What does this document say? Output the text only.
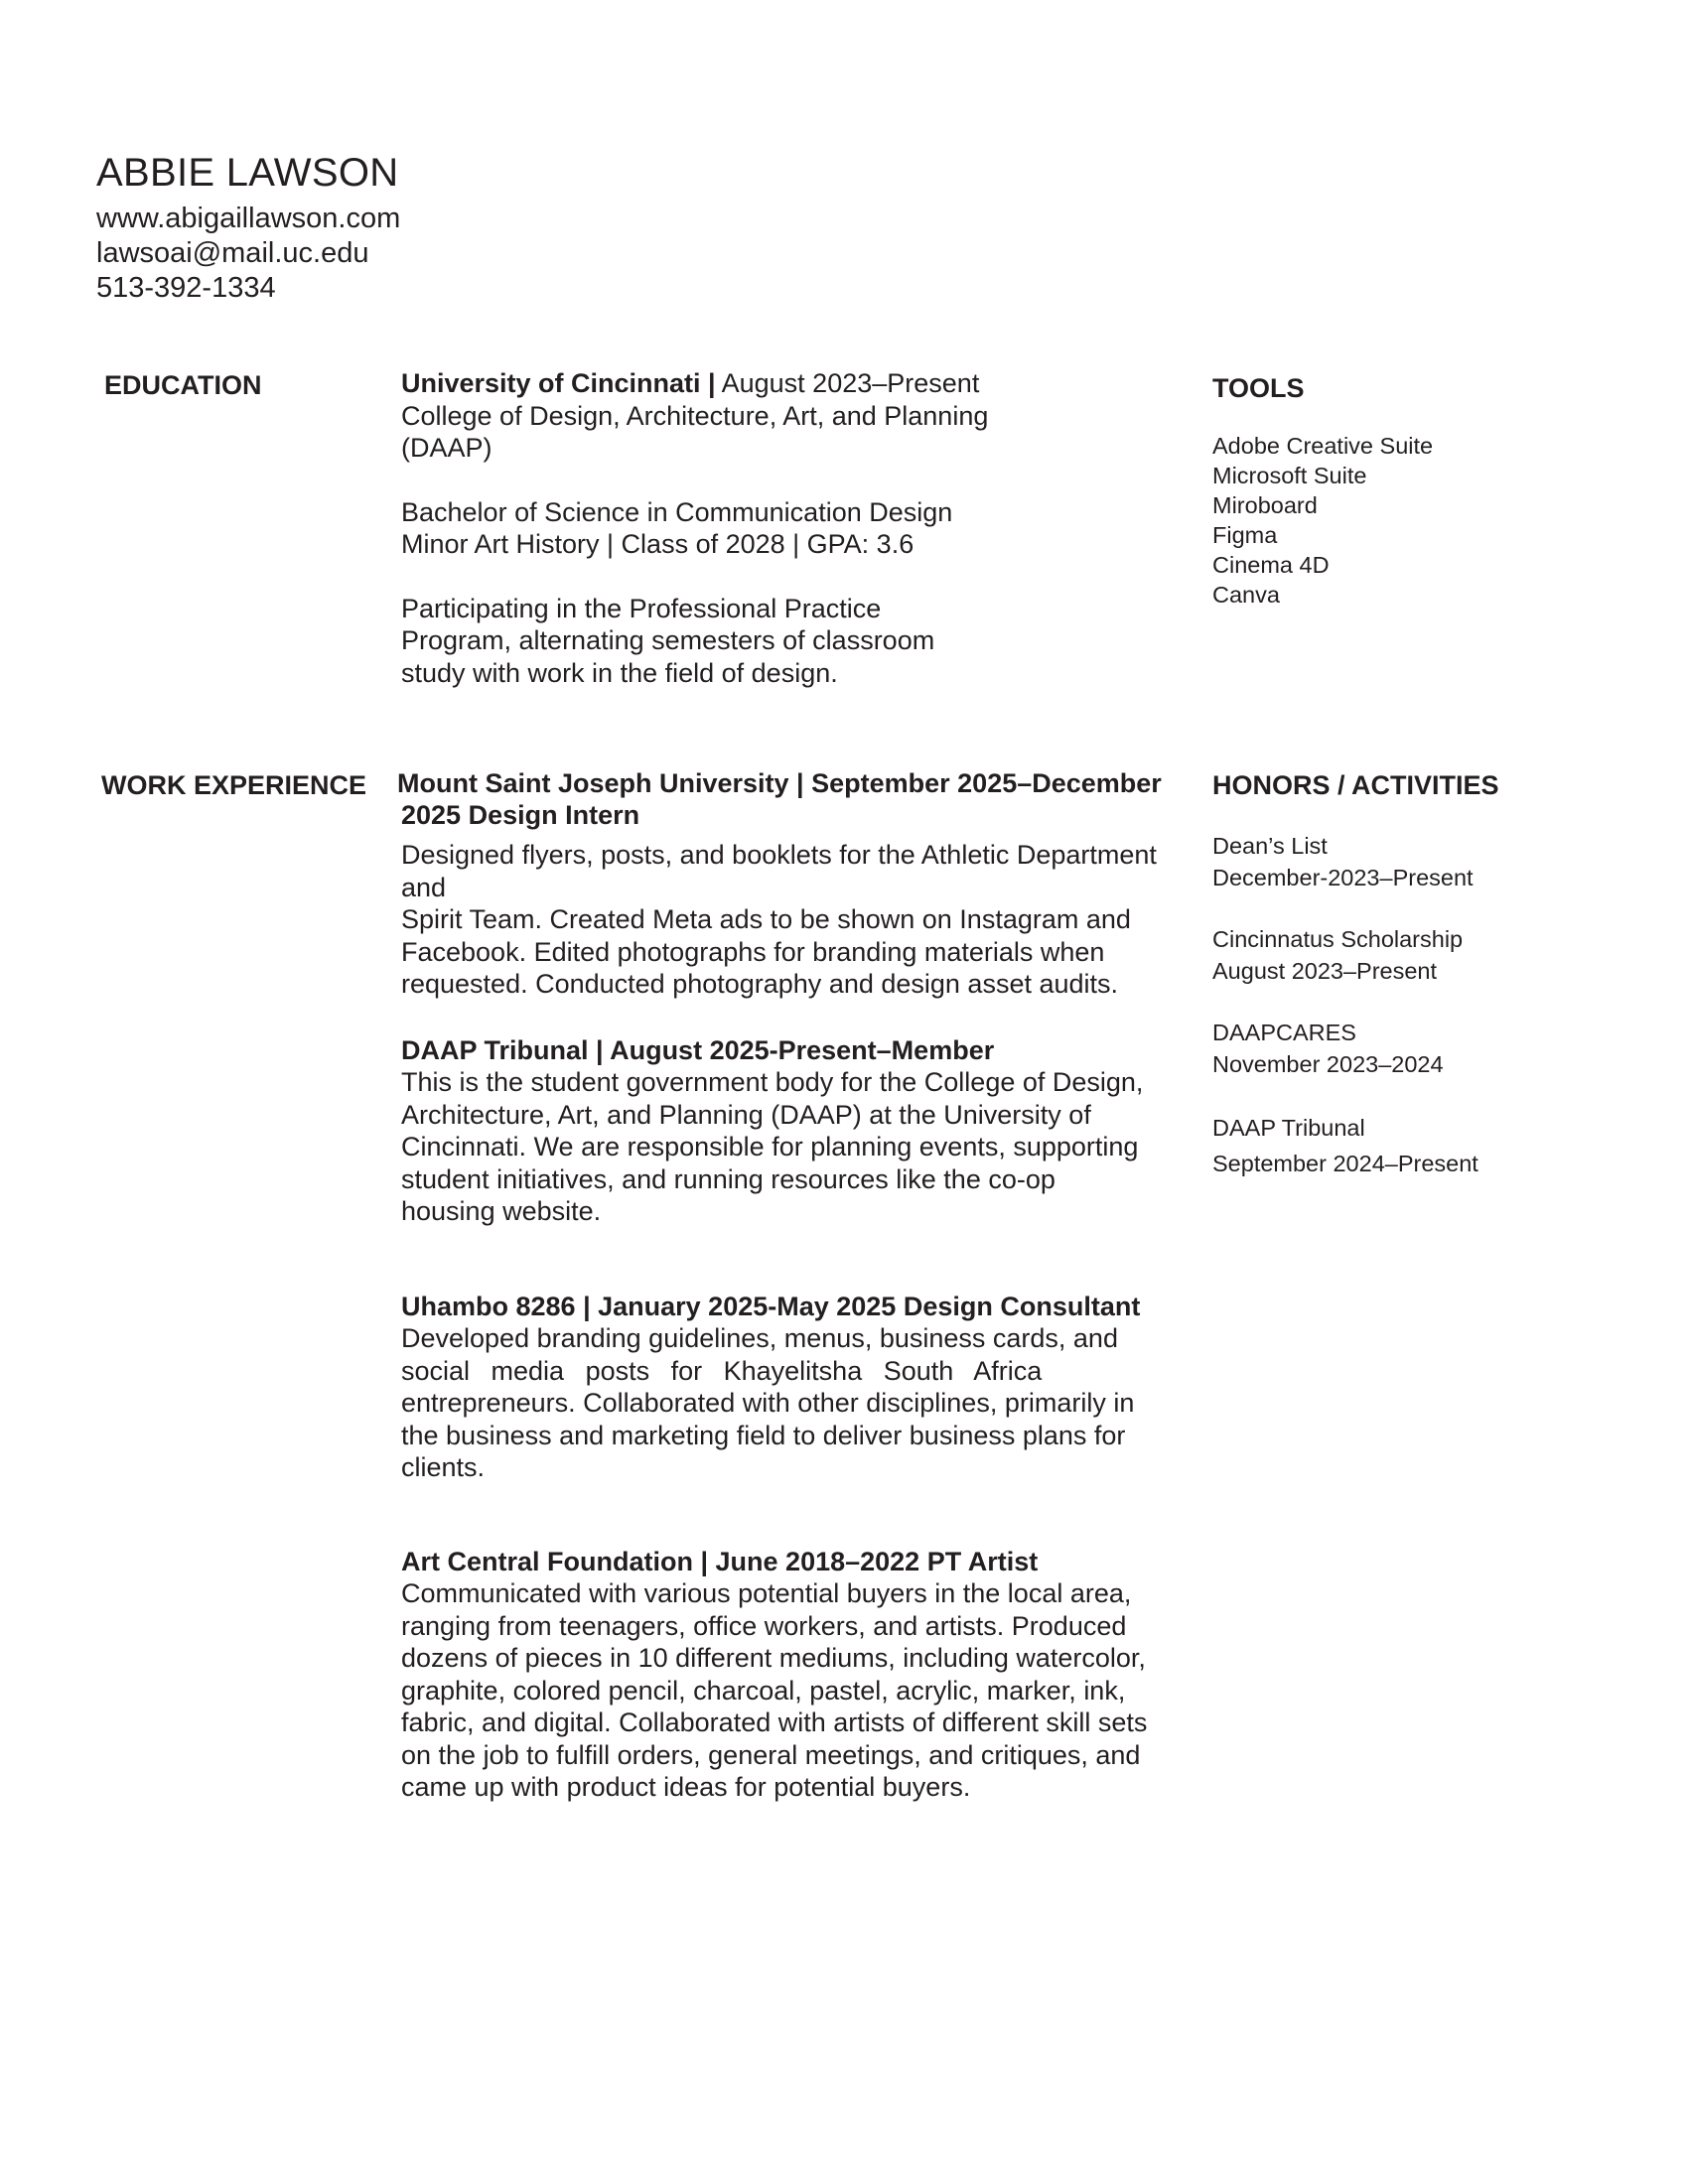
ABBIE LAWSON
www.abigaillawson.com
lawsoai@mail.uc.edu
513-392-1334
EDUCATION	University of Cincinnati | August 2023–Present
College of Design, Architecture, Art, and Planning
(DAAP)
Bachelor of Science in Communication Design
Minor Art History | Class of 2028 | GPA: 3.6
Participating in the Professional Practice
Program, alternating semesters of classroom
study with work in the field of design.
TOOLS
Adobe Creative Suite
Microsoft Suite
Miroboard
Figma
Cinema 4D
Canva
WORK EXPERIENCE Mount Saint Joseph University | September 2025–December
2025 Design Intern
Designed flyers, posts, and booklets for the Athletic Department and
Spirit Team. Created Meta ads to be shown on Instagram and
Facebook. Edited photographs for branding materials when
requested. Conducted photography and design asset audits.
DAAP Tribunal | August 2025-Present–Member
This is the student government body for the College of Design,
Architecture, Art, and Planning (DAAP) at the University of
Cincinnati. We are responsible for planning events, supporting
student initiatives, and running resources like the co-op
housing website.
Uhambo 8286 | January 2025-May 2025 Design Consultant
Developed branding guidelines, menus, business cards, and
social media posts for Khayelitsha South Africa
entrepreneurs. Collaborated with other disciplines, primarily in
the business and marketing field to deliver business plans for
clients.
Art Central Foundation | June 2018–2022 PT Artist
Communicated with various potential buyers in the local area,
ranging from teenagers, office workers, and artists. Produced
dozens of pieces in 10 different mediums, including watercolor,
graphite, colored pencil, charcoal, pastel, acrylic, marker, ink,
fabric, and digital. Collaborated with artists of different skill sets
on the job to fulfill orders, general meetings, and critiques, and
came up with product ideas for potential buyers.
HONORS / ACTIVITIES
Dean’s List
December-2023–Present
Cincinnatus Scholarship
August 2023–Present
DAAPCARES
November 2023–2024
DAAP Tribunal
September 2024–Present
